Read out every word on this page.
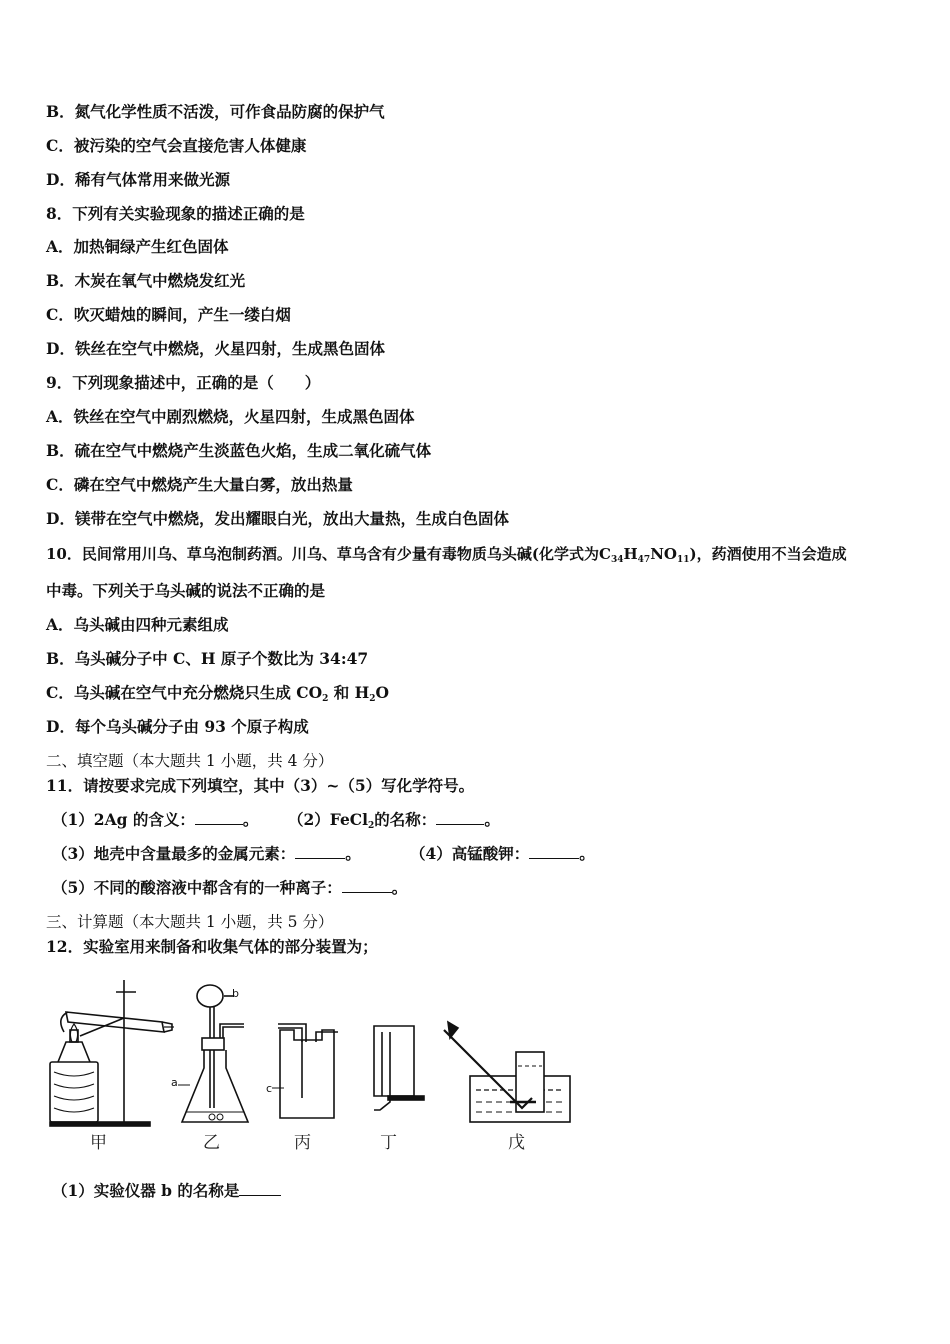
B．氮气化学性质不活泼，可作食品防腐的保护气
C．被污染的空气会直接危害人体健康
D．稀有气体常用来做光源
8．下列有关实验现象的描述正确的是
A．加热铜绿产生红色固体
B．木炭在氧气中燃烧发红光
C．吹灭蜡烛的瞬间，产生一缕白烟
D．铁丝在空气中燃烧，火星四射，生成黑色固体
9．下列现象描述中，正确的是（　　）
A．铁丝在空气中剧烈燃烧，火星四射，生成黑色固体
B．硫在空气中燃烧产生淡蓝色火焰，生成二氧化硫气体
C．磷在空气中燃烧产生大量白雾，放出热量
D．镁带在空气中燃烧，发出耀眼白光，放出大量热，生成白色固体
10．民间常用川乌、草乌泡制药酒。川乌、草乌含有少量有毒物质乌头碱(化学式为$C_{34}H_{47}NO_{11}$)，药酒使用不当会造成
中毒。下列关于乌头碱的说法不正确的是
A．乌头碱由四种元素组成
B．乌头碱分子中 C、H 原子个数比为 34:47
C．乌头碱在空气中充分燃烧只生成 $CO_2$ 和 $H_2O$
D．每个乌头碱分子由 93 个原子构成
二、填空题（本大题共 1 小题，共 4 分）
11．请按要求完成下列填空，其中（3）~（5）写化学符号。
（1）2Ag 的含义：	。 （2）FeCl$_2$的名称：	。
（3）地壳中含量最多的金属元素：	。	（4）高锰酸钾：	。
（5）不同的酸溶液中都含有的一种离子：	。
三、计算题（本大题共 1 小题，共 5 分）
12．实验室用来制备和收集气体的部分装置为；
甲	乙	丙	丁	戊
a
b
c
（1）实验仪器 b 的名称是
